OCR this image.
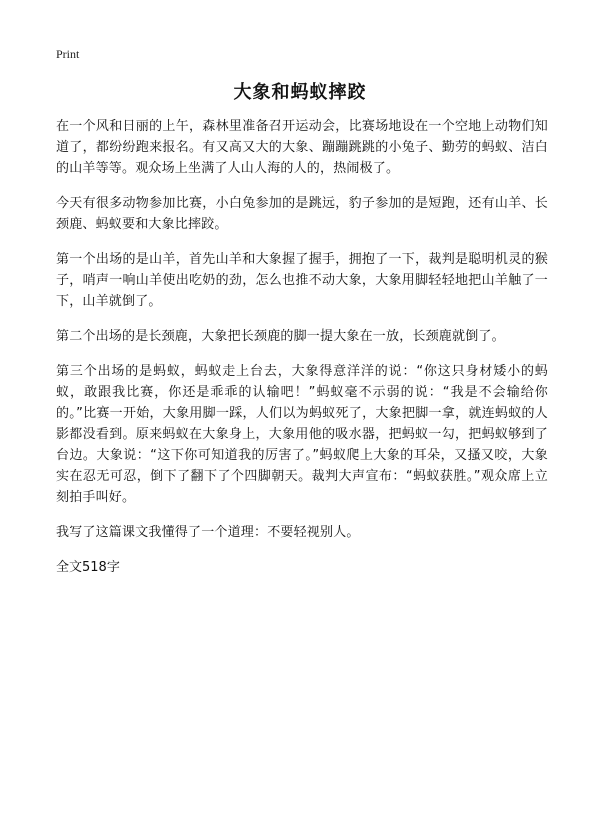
Print
大象和蚂蚁摔跤

在一个风和日丽的上午，森林里准备召开运动会，比赛场地设在一个空地上动物们知道了，都纷纷跑来报名。有又高又大的大象、蹦蹦跳跳的小兔子、勤劳的蚂蚁、洁白的山羊等等。观众场上坐满了人山人海的人的，热闹极了。

今天有很多动物参加比赛，小白兔参加的是跳远，豹子参加的是短跑，还有山羊、长颈鹿、蚂蚁要和大象比摔跤。

第一个出场的是山羊，首先山羊和大象握了握手，拥抱了一下，裁判是聪明机灵的猴子，哨声一响山羊使出吃奶的劲，怎么也推不动大象，大象用脚轻轻地把山羊触了一下，山羊就倒了。

第二个出场的是长颈鹿，大象把长颈鹿的脚一提大象在一放，长颈鹿就倒了。

第三个出场的是蚂蚁，蚂蚁走上台去，大象得意洋洋的说：“你这只身材矮小的蚂蚁，敢跟我比赛，你还是乖乖的认输吧！”蚂蚁毫不示弱的说：“我是不会输给你的。”比赛一开始，大象用脚一踩，人们以为蚂蚁死了，大象把脚一拿，就连蚂蚁的人影都没看到。原来蚂蚁在大象身上，大象用他的吸水器，把蚂蚁一勾，把蚂蚁够到了台边。大象说：“这下你可知道我的厉害了。”蚂蚁爬上大象的耳朵，又搔又咬，大象实在忍无可忍，倒下了翻下了个四脚朝天。裁判大声宣布：“蚂蚁获胜。”观众席上立刻拍手叫好。

我写了这篇课文我懂得了一个道理：不要轻视别人。

全文518字
